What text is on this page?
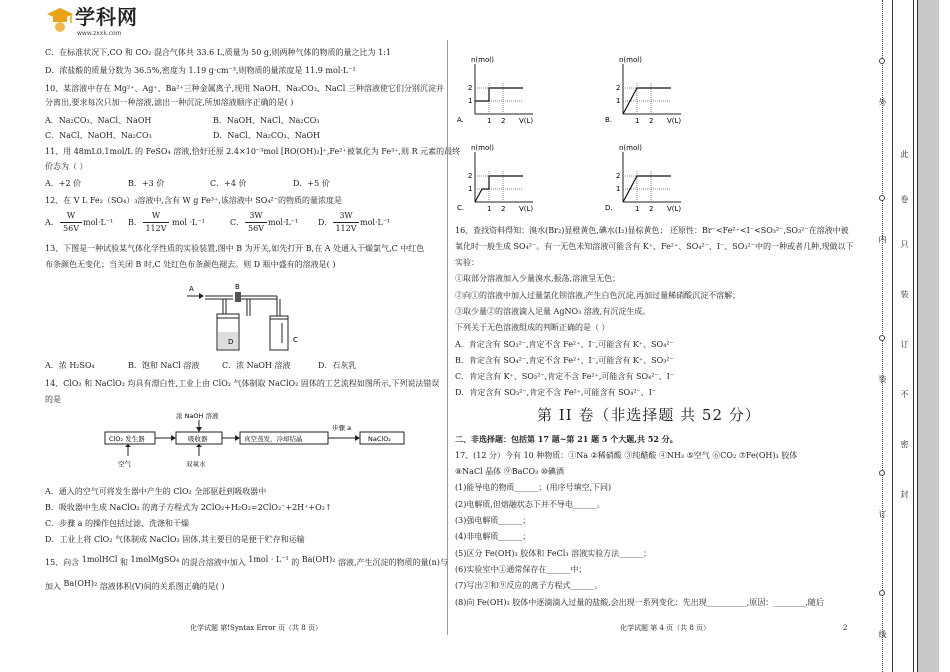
学科网
www.zxxk.com
C．在标准状况下,CO 和 CO₂ 混合气体共 33.6 L,质量为 50 g,则两种气体的物质的量之比为 1:1
D．浓盐酸的质量分数为 36.5%,密度为 1.19 g·cm⁻³,则物质的量浓度是 11.9 mol·L⁻¹
10、某溶液中存在 Mg²⁺、Ag⁺、Ba²⁺三种金属离子,现用 NaOH、Na₂CO₃、NaCl 三种溶液使它们分别沉淀并
分离出,要求每次只加一种溶液,滤出一种沉淀,所加溶液顺序正确的是( )
A．Na₂CO₃、NaCl、NaOH	B．NaOH、NaCl、Na₂CO₃
C．NaCl、NaOH、Na₂CO₃	D．NaCl、Na₂CO₃、NaOH
11、用 48mL0.1mol/L 的 FeSO₄ 溶液,恰好还原 2.4×10⁻³mol [RO(OH)₂]⁺,Fe²⁺被氧化为 Fe³⁺,则 R 元素的最终
价态为（ ）
A．+2 价	B．+3 价	C．+4 价	D．+5 价
12、在 V L Fe₂（SO₄）₃溶液中,含有 W g Fe³⁺,该溶液中 SO₄²⁻的物质的量浓度是
A．
W
56V
mol·L⁻¹ B．
W
112V
mol ·L⁻¹	C．
3W
56V
mol·L⁻¹ D．
3W
112V
mol·L⁻¹
13、下图是一种试验某气体化学性质的实验装置,图中 B 为开关,如先打开 B,在 A 处通入干燥氯气,C 中红色
布条颜色无变化；当关闭 B 时,C 处红色布条颜色褪去。则 D 瓶中盛有的溶液是( )
A	B
D	C
A．浓 H₂SO₄	B．饱和 NaCl 溶液	C．浓 NaOH 溶液	D．石灰乳
14、ClO₂ 和 NaClO₂ 均具有漂白性,工业上由 ClO₂ 气体制取 NaClO₂ 固体的工艺流程如图所示,下列说法错误
的是
ClO₂ 发生器	吸收器	真空蒸发，冷却结晶
步骤 a
NaClO₂
浓 NaOH 溶液
双氧水
空气
A．通入的空气可将发生器中产生的 ClO₂ 全部驱赶到吸收器中
B．吸收器中生成 NaClO₂ 的离子方程式为 2ClO₂+H₂O₂=2ClO₂⁻+2H⁺+O₂↑
C．步骤 a 的操作包括过滤、洗涤和干燥
D．工业上将 ClO₂ 气体制成 NaClO₂ 固体,其主要目的是便于贮存和运输
15、向含 1molHCl 和 1molMgSO₄ 的混合溶液中加入 1mol · L⁻¹ 的 Ba(OH)₂ 溶液,产生沉淀的物质的量(n)与
加入 Ba(OH)₂ 溶液体积(V)间的关系图正确的是( )
A.
n(mol)
V(L)
2
1
1 2	B.
n(mol)
V(L)
2
1
1 2
C.
n(mol)
V(L)
2
1
1 2	D.
n(mol)
V(L)
2
1
1 2
16、查找资料得知：溴水(Br₂)显橙黄色,碘水(I₂)显棕黄色； 还原性：Br⁻<Fe²⁺<I⁻<SO₃²⁻,SO₃²⁻在溶液中被
氧化时一般生成 SO₄²⁻。有一无色未知溶液可能含有 K⁺、Fe²⁺、SO₄²⁻、I⁻、SO₃²⁻中的一种或者几种,现做以下
实验：
①取部分溶液加入少量溴水,振荡,溶液呈无色；
②向①的溶液中加入过量氯化钡溶液,产生白色沉淀,再加过量稀硝酸沉淀不溶解；
③取少量②的溶液滴入足量 AgNO₃ 溶液,有沉淀生成。
下列关于无色溶液组成的判断正确的是（ ）
A．肯定含有 SO₃²⁻,肯定不含 Fe²⁺、I⁻,可能含有 K⁺、SO₄²⁻
B．肯定含有 SO₄²⁻,肯定不含 Fe²⁺、I⁻,可能含有 K⁺、SO₃²⁻
C．肯定含有 K⁺、SO₃²⁻,肯定不含 Fe²⁺,可能含有 SO₄²⁻、I⁻
D．肯定含有 SO₃²⁻,肯定不含 Fe²⁺,可能含有 SO₄²⁻、I⁻
第 II 卷（非选择题 共 52 分）
二、非选择题：包括第 17 题~第 21 题 5 个大题,共 52 分。
17、(12 分）今有 10 种物质：①Na ②稀硝酸 ③纯醋酸 ④NH₃ ⑤空气 ⑥CO₂ ⑦Fe(OH)₃ 胶体
⑧NaCl 晶体 ⑨BaCO₃ ⑩碘酒
(1)能导电的物质______；(用序号填空,下同)
(2)电解质,但熔融状态下并不导电______。
(3)强电解质______；
(4)非电解质______；
(5)区分 Fe(OH)₃ 胶体和 FeCl₃ 溶液实验方法______；
(6)实验室中①通常保存在______中；
(7)写出②和⑨反应的离子方程式______。
(8)向 Fe(OH)₃ 胶体中逐滴滴入过量的盐酸,会出现一系列变化：先出现__________,原因：________,随后
化学试题 第!Syntax Error 页（共 8 页）	化学试题 第 4 页（共 8 页）	2
外
内
装
订
线
此
卷
只
装
订
不
密
封
